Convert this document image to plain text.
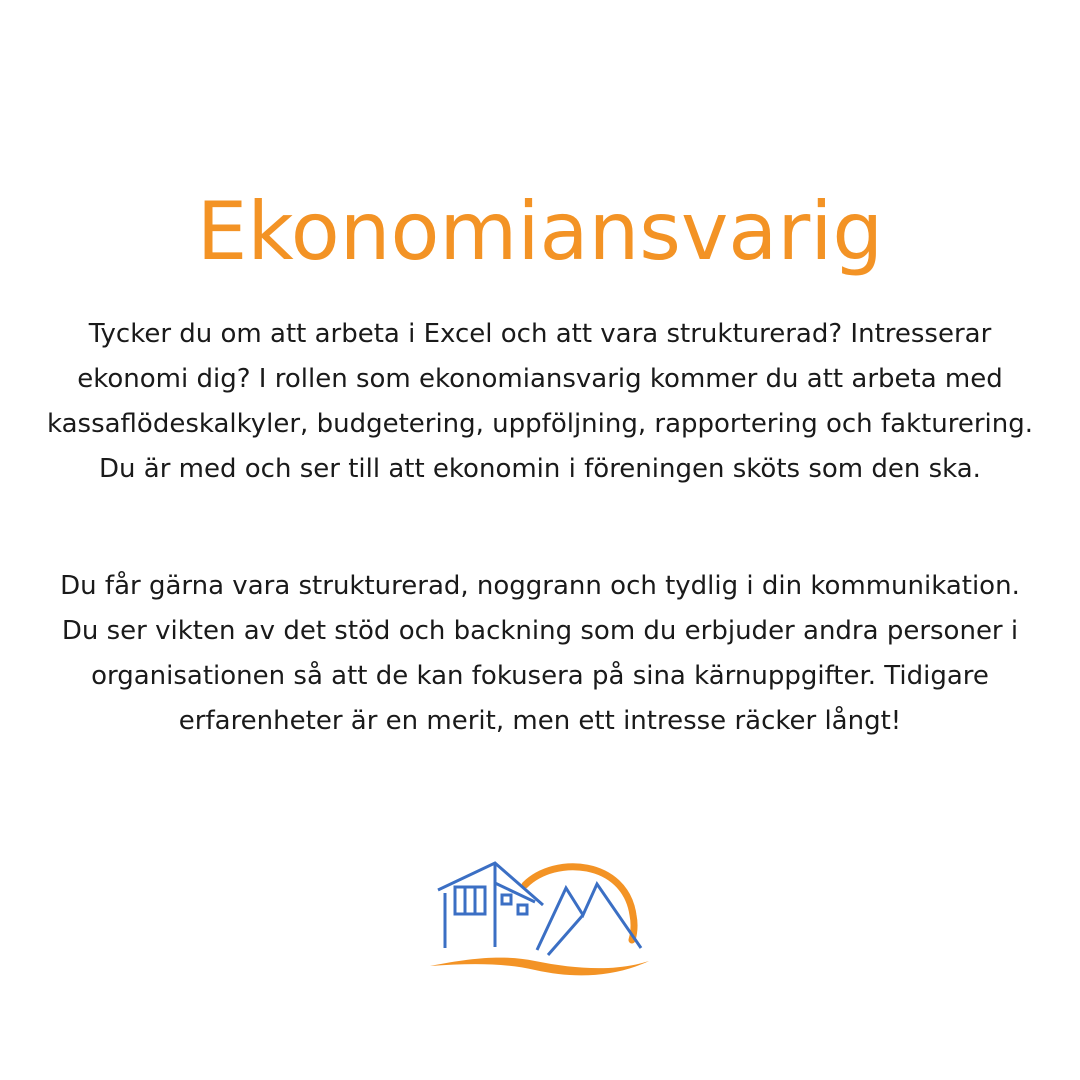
Ekonomiansvarig

Tycker du om att arbeta i Excel och att vara strukturerad? Intresserar ekonomi dig? I rollen som ekonomiansvarig kommer du att arbeta med kassaflödeskalkyler, budgetering, uppföljning, rapportering och fakturering. Du är med och ser till att ekonomin i föreningen sköts som den ska.

Du får gärna vara strukturerad, noggrann och tydlig i din kommunikation. Du ser vikten av det stöd och backning som du erbjuder andra personer i organisationen så att de kan fokusera på sina kärnuppgifter. Tidigare erfarenheter är en merit, men ett intresse räcker långt!
